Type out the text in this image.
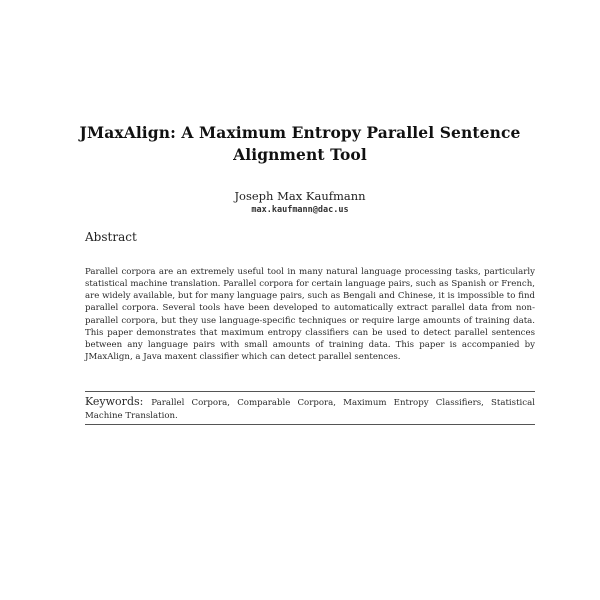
JMaxAlign: A Maximum Entropy Parallel Sentence Alignment Tool
Joseph Max Kaufmann
max.kaufmann@dac.us
Abstract
Parallel corpora are an extremely useful tool in many natural language processing tasks, particularly statistical machine translation. Parallel corpora for certain language pairs, such as Spanish or French, are widely available, but for many language pairs, such as Bengali and Chinese, it is impossible to find parallel corpora. Several tools have been developed to automatically extract parallel data from non-parallel corpora, but they use language-specific techniques or require large amounts of training data. This paper demonstrates that maximum entropy classifiers can be used to detect parallel sentences between any language pairs with small amounts of training data. This paper is accompanied by JMaxAlign, a Java maxent classifier which can detect parallel sentences.
Keywords: Parallel Corpora, Comparable Corpora, Maximum Entropy Classifiers, Statistical Machine Translation.
